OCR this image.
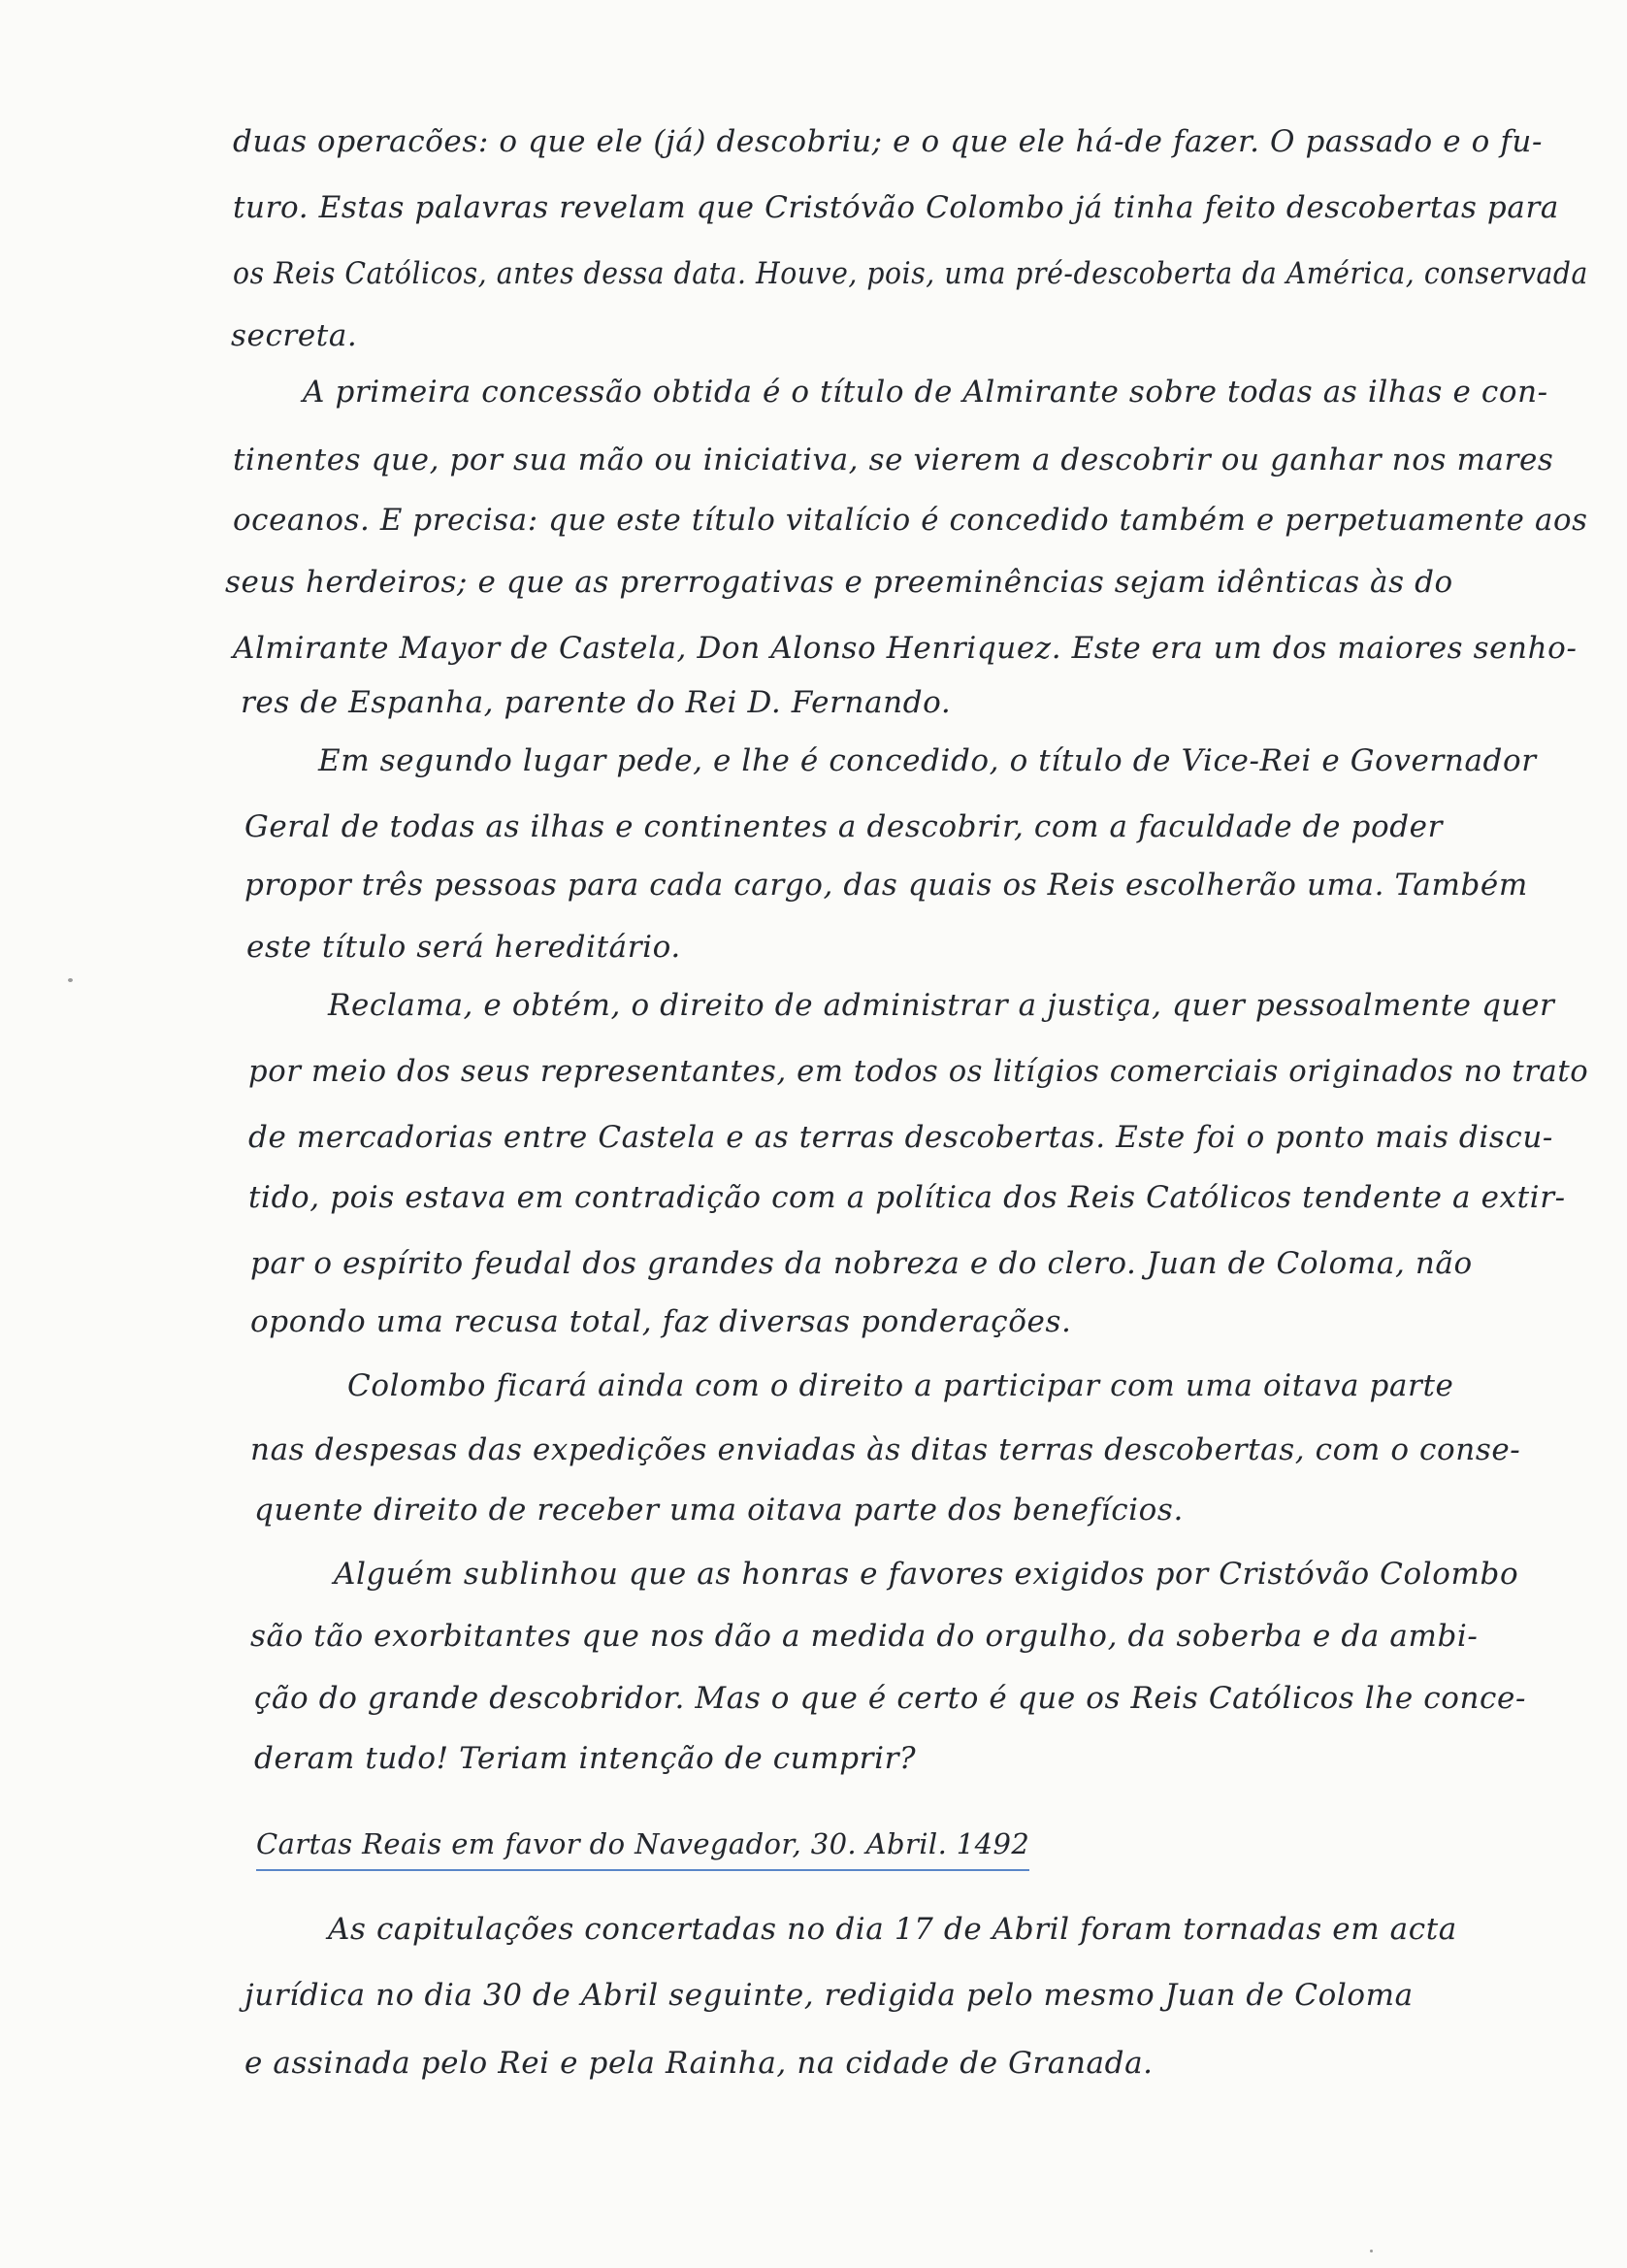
duas operacões: o que ele (já) descobriu; e o que ele há-de fazer. O passado e o fu-
turo. Estas palavras revelam que Cristóvão Colombo já tinha feito descobertas para
os Reis Católicos, antes dessa data. Houve, pois, uma pré-descoberta da América, conservada
secreta.
A primeira concessão obtida é o título de Almirante sobre todas as ilhas e con-
tinentes que, por sua mão ou iniciativa, se vierem a descobrir ou ganhar nos mares
oceanos. E precisa: que este título vitalício é concedido também e perpetuamente aos
seus herdeiros; e que as prerrogativas e preeminências sejam idênticas às do
Almirante Mayor de Castela, Don Alonso Henriquez. Este era um dos maiores senho-
res de Espanha, parente do Rei D. Fernando.
Em segundo lugar pede, e lhe é concedido, o título de Vice-Rei e Governador
Geral de todas as ilhas e continentes a descobrir, com a faculdade de poder
propor três pessoas para cada cargo, das quais os Reis escolherão uma. Também
este título será hereditário.
Reclama, e obtém, o direito de administrar a justiça, quer pessoalmente quer
por meio dos seus representantes, em todos os litígios comerciais originados no trato
de mercadorias entre Castela e as terras descobertas. Este foi o ponto mais discu-
tido, pois estava em contradição com a política dos Reis Católicos tendente a extir-
par o espírito feudal dos grandes da nobreza e do clero. Juan de Coloma, não
opondo uma recusa total, faz diversas ponderações.
Colombo ficará ainda com o direito a participar com uma oitava parte
nas despesas das expedições enviadas às ditas terras descobertas, com o conse-
quente direito de receber uma oitava parte dos benefícios.
Alguém sublinhou que as honras e favores exigidos por Cristóvão Colombo
são tão exorbitantes que nos dão a medida do orgulho, da soberba e da ambi-
ção do grande descobridor. Mas o que é certo é que os Reis Católicos lhe conce-
deram tudo! Teriam intenção de cumprir?
Cartas Reais em favor do Navegador, 30. Abril. 1492
As capitulações concertadas no dia 17 de Abril foram tornadas em acta
jurídica no dia 30 de Abril seguinte, redigida pelo mesmo Juan de Coloma
e assinada pelo Rei e pela Rainha, na cidade de Granada.
